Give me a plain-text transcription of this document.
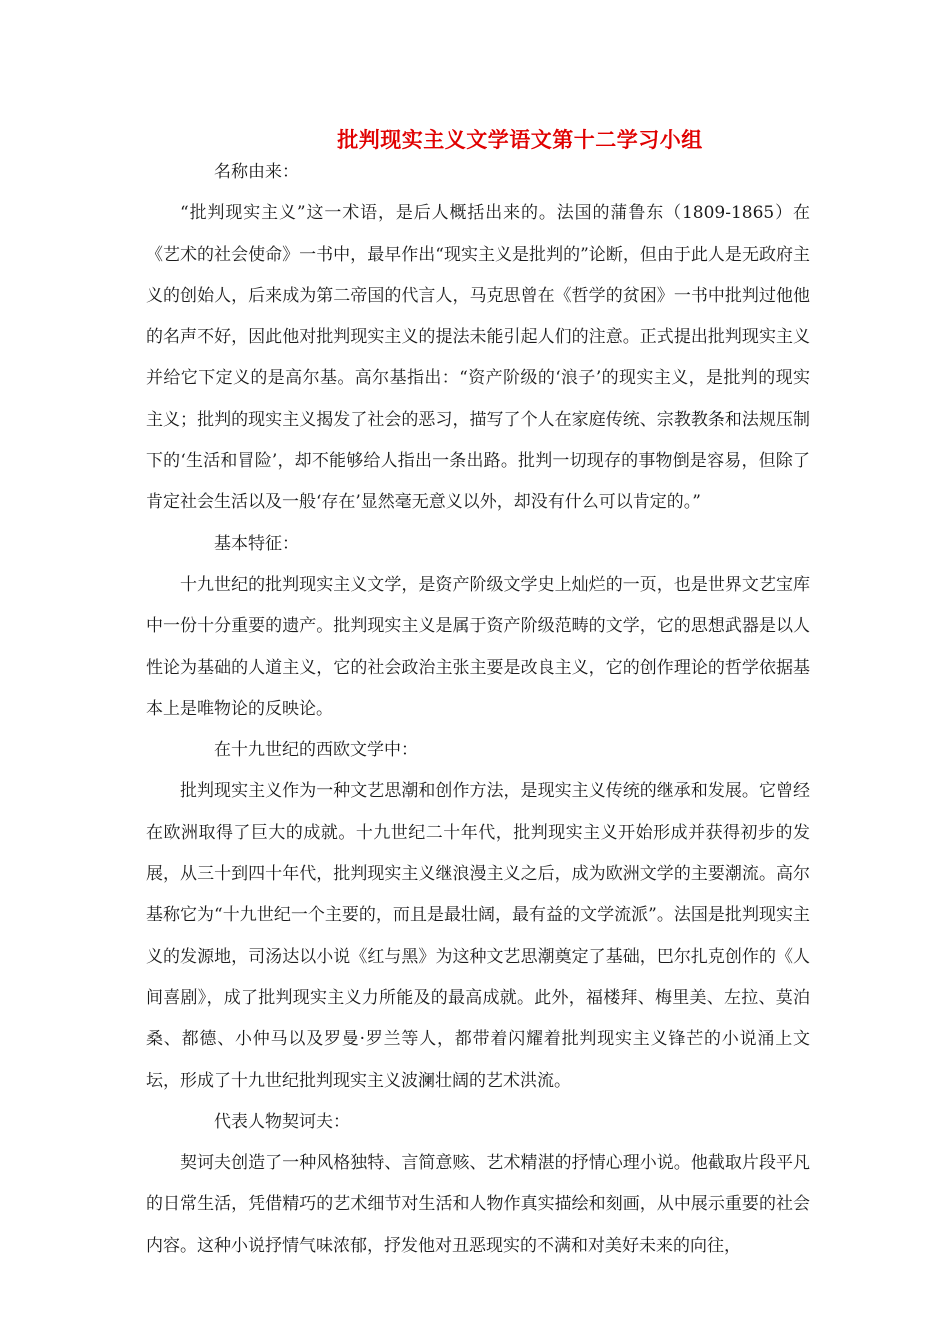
批判现实主义文学语文第十二学习小组

名称由来：

“批判现实主义”这一术语，是后人概括出来的。法国的蒲鲁东（1809-1865）在《艺术的社会使命》一书中，最早作出“现实主义是批判的”论断，但由于此人是无政府主义的创始人，后来成为第二帝国的代言人，马克思曾在《哲学的贫困》一书中批判过他他的名声不好，因此他对批判现实主义的提法未能引起人们的注意。正式提出批判现实主义并给它下定义的是高尔基。高尔基指出：“资产阶级的‘浪子’的现实主义，是批判的现实主义；批判的现实主义揭发了社会的恶习，描写了个人在家庭传统、宗教教条和法规压制下的‘生活和冒险’，却不能够给人指出一条出路。批判一切现存的事物倒是容易，但除了肯定社会生活以及一般‘存在’显然毫无意义以外，却没有什么可以肯定的。”

基本特征：

十九世纪的批判现实主义文学，是资产阶级文学史上灿烂的一页，也是世界文艺宝库中一份十分重要的遗产。批判现实主义是属于资产阶级范畴的文学，它的思想武器是以人性论为基础的人道主义，它的社会政治主张主要是改良主义，它的创作理论的哲学依据基本上是唯物论的反映论。

在十九世纪的西欧文学中：

批判现实主义作为一种文艺思潮和创作方法，是现实主义传统的继承和发展。它曾经在欧洲取得了巨大的成就。十九世纪二十年代，批判现实主义开始形成并获得初步的发展，从三十到四十年代，批判现实主义继浪漫主义之后，成为欧洲文学的主要潮流。高尔基称它为“十九世纪一个主要的，而且是最壮阔，最有益的文学流派”。法国是批判现实主义的发源地，司汤达以小说《红与黑》为这种文艺思潮奠定了基础，巴尔扎克创作的《人间喜剧》，成了批判现实主义力所能及的最高成就。此外，福楼拜、梅里美、左拉、莫泊桑、都德、小仲马以及罗曼·罗兰等人，都带着闪耀着批判现实主义锋芒的小说涌上文坛，形成了十九世纪批判现实主义波澜壮阔的艺术洪流。

代表人物契诃夫：

契诃夫创造了一种风格独特、言简意赅、艺术精湛的抒情心理小说。他截取片段平凡的日常生活，凭借精巧的艺术细节对生活和人物作真实描绘和刻画，从中展示重要的社会内容。这种小说抒情气味浓郁，抒发他对丑恶现实的不满和对美好未来的向往，
